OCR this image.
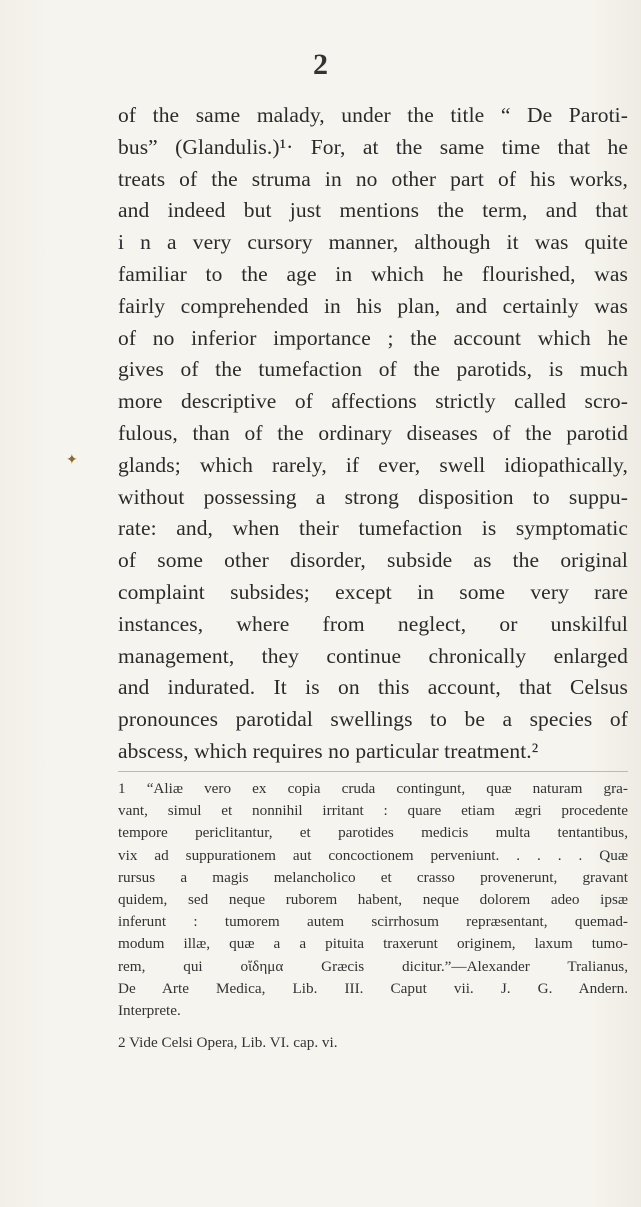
2
of the same malady, under the title “ De Paroti-
bus” (Glandulis.)¹· For, at the same time that he
treats of the struma in no other part of his works,
and indeed but just mentions the term, and that
i n a very cursory manner, although it was quite
familiar to the age in which he flourished, was
fairly comprehended in his plan, and certainly was
of no inferior importance ; the account which he
gives of the tumefaction of the parotids, is much
more descriptive of affections strictly called scro-
fulous, than of the ordinary diseases of the parotid
glands; which rarely, if ever, swell idiopathically,
without possessing a strong disposition to suppu-
rate: and, when their tumefaction is symptomatic
of some other disorder, subside as the original
complaint subsides; except in some very rare
instances, where from neglect, or unskilful
management, they continue chronically enlarged
and indurated. It is on this account, that Celsus
pronounces parotidal swellings to be a species of
abscess, which requires no particular treatment.²
1 “Aliæ vero ex copia cruda contingunt, quæ naturam gra-
vant, simul et nonnihil irritant : quare etiam ægri procedente
tempore periclitantur, et parotides medicis multa tentantibus,
vix ad suppurationem aut concoctionem perveniunt. . . . . Quæ
rursus a magis melancholico et crasso provenerunt, gravant
quidem, sed neque ruborem habent, neque dolorem adeo ipsæ
inferunt : tumorem autem scirrhosum repræsentant, quemad-
modum illæ, quæ a a pituita traxerunt originem, laxum tumo-
rem, qui οἴδημα Græcis dicitur.”—Alexander Tralianus,
De Arte Medica, Lib. III. Caput vii. J. G. Andern.
Interprete.
2 Vide Celsi Opera, Lib. VI. cap. vi.
✦
